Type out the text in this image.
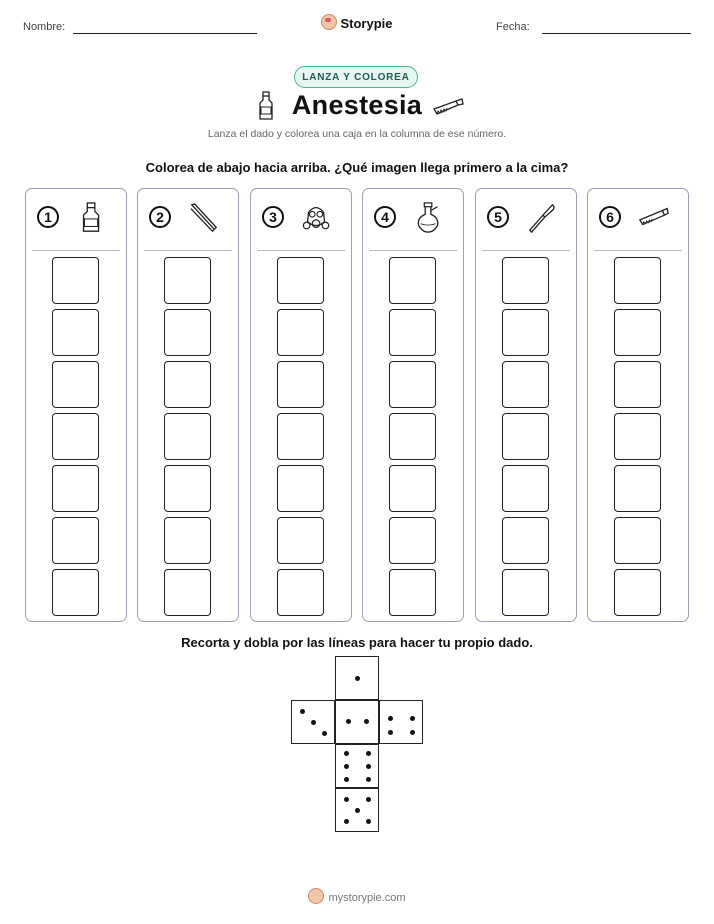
Nombre:	Storypie	Fecha:
LANZA Y COLOREA
Anestesia
Lanza el dado y colorea una caja en la columna de ese número.
Colorea de abajo hacia arriba. ¿Qué imagen llega primero a la cima?
1	2	3	4	5	6
Recorta y dobla por las líneas para hacer tu propio dado.
mystorypie.com
